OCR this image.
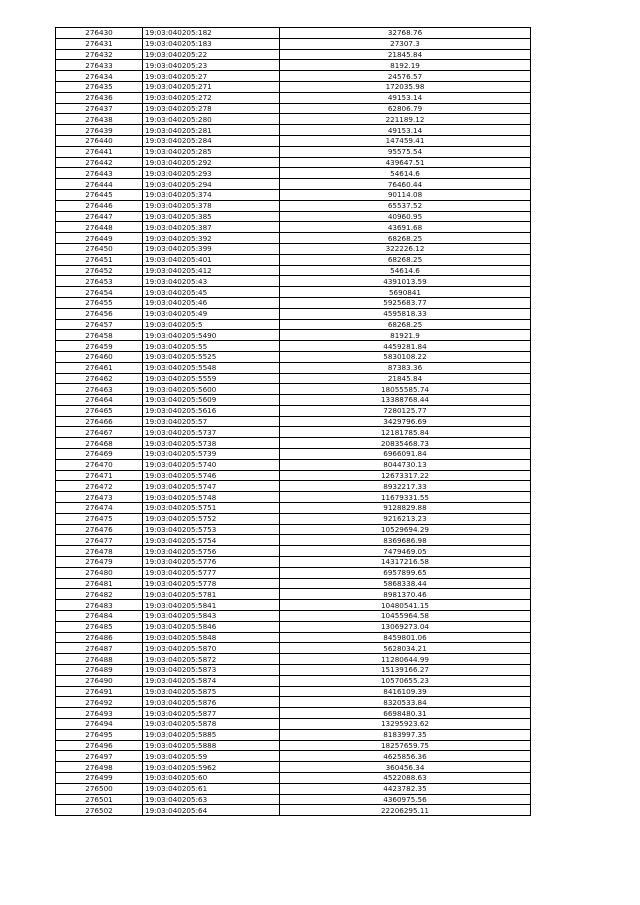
276430	19:03:040205:182	32768.76
276431	19:03:040205:183	27307.3
276432	19:03:040205:22	21845.84
276433	19:03:040205:23	8192.19
276434	19:03:040205:27	24576.57
276435	19:03:040205:271	172035.98
276436	19:03:040205:272	49153.14
276437	19:03:040205:278	62806.79
276438	19:03:040205:280	221189.12
276439	19:03:040205:281	49153.14
276440	19:03:040205:284	147459.41
276441	19:03:040205:285	95575.54
276442	19:03:040205:292	439647.51
276443	19:03:040205:293	54614.6
276444	19:03:040205:294	76460.44
276445	19:03:040205:374	90114.08
276446	19:03:040205:378	65537.52
276447	19:03:040205:385	40960.95
276448	19:03:040205:387	43691.68
276449	19:03:040205:392	68268.25
276450	19:03:040205:399	322226.12
276451	19:03:040205:401	68268.25
276452	19:03:040205:412	54614.6
276453	19:03:040205:43	4391013.59
276454	19:03:040205:45	5690841
276455	19:03:040205:46	5925683.77
276456	19:03:040205:49	4595818.33
276457	19:03:040205:5	68268.25
276458	19:03:040205:5490	81921.9
276459	19:03:040205:55	4459281.84
276460	19:03:040205:5525	5830108.22
276461	19:03:040205:5548	87383.36
276462	19:03:040205:5559	21845.84
276463	19:03:040205:5600	18055585.74
276464	19:03:040205:5609	13388768.44
276465	19:03:040205:5616	7280125.77
276466	19:03:040205:57	3429796.69
276467	19:03:040205:5737	12181785.84
276468	19:03:040205:5738	20835468.73
276469	19:03:040205:5739	6966091.84
276470	19:03:040205:5740	8044730.13
276471	19:03:040205:5746	12673317.22
276472	19:03:040205:5747	8932217.33
276473	19:03:040205:5748	11679331.55
276474	19:03:040205:5751	9128829.88
276475	19:03:040205:5752	9216213.23
276476	19:03:040205:5753	10529694.29
276477	19:03:040205:5754	8369686.98
276478	19:03:040205:5756	7479469.05
276479	19:03:040205:5776	14317216.58
276480	19:03:040205:5777	6957899.65
276481	19:03:040205:5778	5868338.44
276482	19:03:040205:5781	8981370.46
276483	19:03:040205:5841	10480541.15
276484	19:03:040205:5843	10455964.58
276485	19:03:040205:5846	13069273.04
276486	19:03:040205:5848	8459801.06
276487	19:03:040205:5870	5628034.21
276488	19:03:040205:5872	11280644.99
276489	19:03:040205:5873	15139166.27
276490	19:03:040205:5874	10570655.23
276491	19:03:040205:5875	8416109.39
276492	19:03:040205:5876	8320533.84
276493	19:03:040205:5877	6698480.31
276494	19:03:040205:5878	13295923.62
276495	19:03:040205:5885	8183997.35
276496	19:03:040205:5888	18257659.75
276497	19:03:040205:59	4625856.36
276498	19:03:040205:5962	360456.34
276499	19:03:040205:60	4522088.63
276500	19:03:040205:61	4423782.35
276501	19:03:040205:63	4360975.56
276502	19:03:040205:64	22206295.11
